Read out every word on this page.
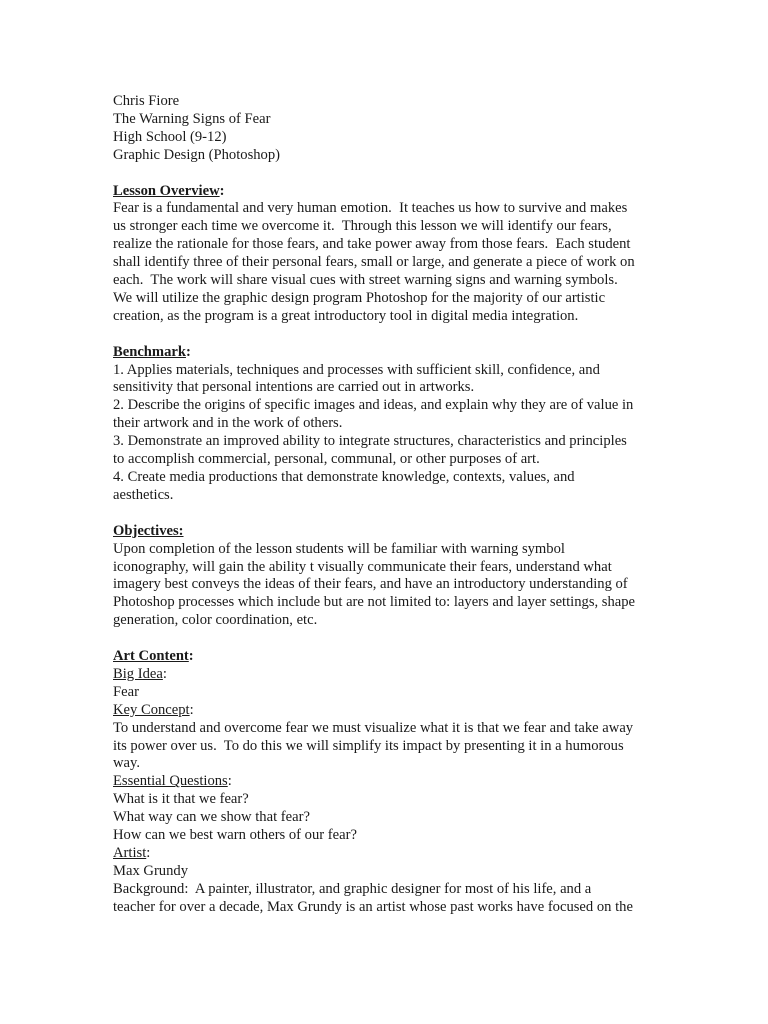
Chris Fiore
The Warning Signs of Fear
High School (9-12)
Graphic Design (Photoshop)
Lesson Overview:
Fear is a fundamental and very human emotion.  It teaches us how to survive and makes
us stronger each time we overcome it.  Through this lesson we will identify our fears,
realize the rationale for those fears, and take power away from those fears.  Each student
shall identify three of their personal fears, small or large, and generate a piece of work on
each.  The work will share visual cues with street warning signs and warning symbols.
We will utilize the graphic design program Photoshop for the majority of our artistic
creation, as the program is a great introductory tool in digital media integration.
Benchmark:
1. Applies materials, techniques and processes with sufficient skill, confidence, and
sensitivity that personal intentions are carried out in artworks.
2. Describe the origins of specific images and ideas, and explain why they are of value in
their artwork and in the work of others.
3. Demonstrate an improved ability to integrate structures, characteristics and principles
to accomplish commercial, personal, communal, or other purposes of art.
4. Create media productions that demonstrate knowledge, contexts, values, and
aesthetics.
Objectives:
Upon completion of the lesson students will be familiar with warning symbol
iconography, will gain the ability t visually communicate their fears, understand what
imagery best conveys the ideas of their fears, and have an introductory understanding of
Photoshop processes which include but are not limited to: layers and layer settings, shape
generation, color coordination, etc.
Art Content:
Big Idea:
Fear
Key Concept:
To understand and overcome fear we must visualize what it is that we fear and take away
its power over us.  To do this we will simplify its impact by presenting it in a humorous
way.
Essential Questions:
What is it that we fear?
What way can we show that fear?
How can we best warn others of our fear?
Artist:
Max Grundy
Background:  A painter, illustrator, and graphic designer for most of his life, and a
teacher for over a decade, Max Grundy is an artist whose past works have focused on the
